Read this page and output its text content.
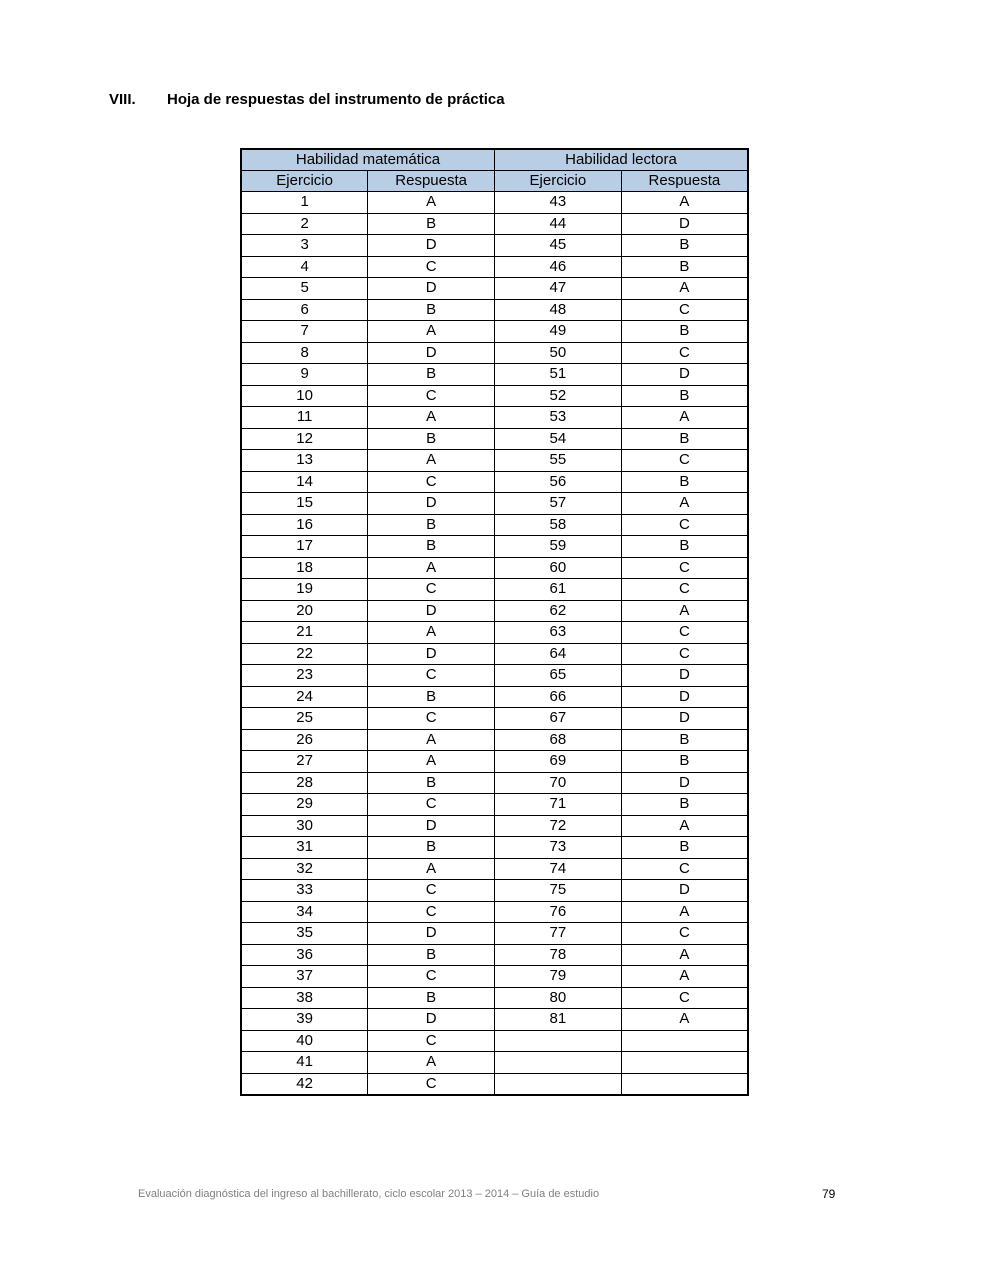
VIII. Hoja de respuestas del instrumento de práctica
Habilidad matemática		Habilidad lectora	
Ejercicio	Respuesta	Ejercicio	Respuesta
1	A	43	A
2	B	44	D
3	D	45	B
4	C	46	B
5	D	47	A
6	B	48	C
7	A	49	B
8	D	50	C
9	B	51	D
10	C	52	B
11	A	53	A
12	B	54	B
13	A	55	C
14	C	56	B
15	D	57	A
16	B	58	C
17	B	59	B
18	A	60	C
19	C	61	C
20	D	62	A
21	A	63	C
22	D	64	C
23	C	65	D
24	B	66	D
25	C	67	D
26	A	68	B
27	A	69	B
28	B	70	D
29	C	71	B
30	D	72	A
31	B	73	B
32	A	74	C
33	C	75	D
34	C	76	A
35	D	77	C
36	B	78	A
37	C	79	A
38	B	80	C
39	D	81	A
40	C		
41	A		
42	C		
Evaluación diagnóstica del ingreso al bachillerato, ciclo escolar 2013 – 2014 – Guía de estudio	79
